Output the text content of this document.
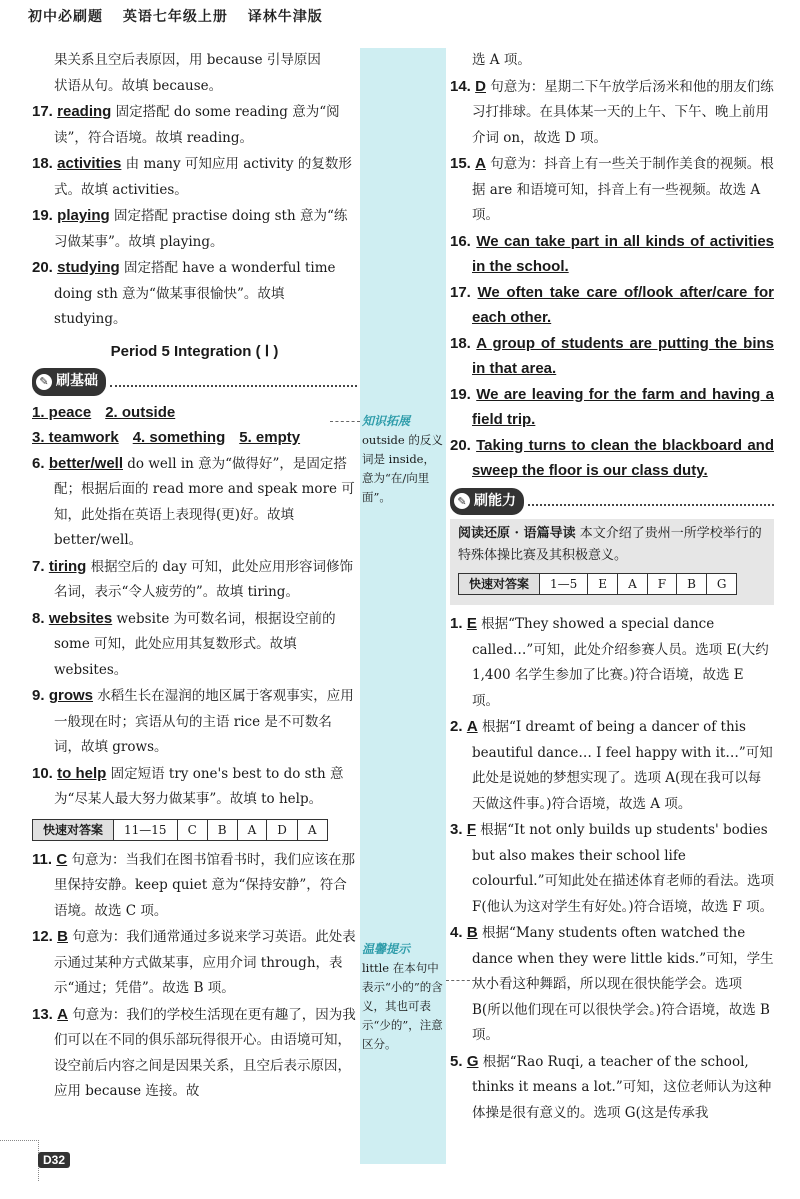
初中必刷题 英语七年级上册 译林牛津版

果关系且空后表原因，用 because 引导原因

状语从句。故填 because。

17. reading 固定搭配 do some reading 意为“阅读”，符合语境。故填 reading。

18. activities 由 many 可知应用 activity 的复数形式。故填 activities。

19. playing 固定搭配 practise doing sth 意为“练习做某事”。故填 playing。

20. studying 固定搭配 have a wonderful time doing sth 意为“做某事很愉快”。故填 studying。

Period 5 Integration ( Ⅰ )
✎ 刷基础
1. peace 2. outside
3. teamwork 4. something 5. empty

6. better/well do well in 意为“做得好”，是固定搭配；根据后面的 read more and speak more 可知，此处指在英语上表现得(更)好。故填 better/well。

7. tiring 根据空后的 day 可知，此处应用形容词修饰名词，表示“令人疲劳的”。故填 tiring。

8. websites website 为可数名词，根据设空前的 some 可知，此处应用其复数形式。故填 websites。

9. grows 水稻生长在湿润的地区属于客观事实，应用一般现在时；宾语从句的主语 rice 是不可数名词，故填 grows。

10. to help 固定短语 try one's best to do sth 意为“尽某人最大努力做某事”。故填 to help。

快速对答案	11—15	C	B	A	D	A

11. C 句意为：当我们在图书馆看书时，我们应该在那里保持安静。keep quiet 意为“保持安静”，符合语境。故选 C 项。

12. B 句意为：我们通常通过多说来学习英语。此处表示通过某种方式做某事，应用介词 through，表示“通过；凭借”。故选 B 项。

13. A 句意为：我们的学校生活现在更有趣了，因为我们可以在不同的俱乐部玩得很开心。由语境可知，设空前后内容之间是因果关系，且空后表示原因，应用 because 连接。故

知识拓展
outside 的反义词是 inside，意为“在/向里面”。
温馨提示
little 在本句中表示“小的”的含义，其也可表示“少的”，注意区分。

选 A 项。

14. D 句意为：星期二下午放学后汤米和他的朋友们练习打排球。在具体某一天的上午、下午、晚上前用介词 on，故选 D 项。

15. A 句意为：抖音上有一些关于制作美食的视频。根据 are 和语境可知，抖音上有一些视频。故选 A 项。

16. We can take part in all kinds of activities in the school.

17. We often take care of/look after/care for each other.

18. A group of students are putting the bins in that area.

19. We are leaving for the farm and having a field trip.

20. Taking turns to clean the blackboard and sweep the floor is our class duty.

✎ 刷能力
阅读还原 · 语篇导读 本文介绍了贵州一所学校举行的特殊体操比赛及其积极意义。
快速对答案	1—5	E	A	F	B	G

1. E 根据“They showed a special dance called…”可知，此处介绍参赛人员。选项 E(大约 1,400 名学生参加了比赛。)符合语境，故选 E 项。

2. A 根据“I dreamt of being a dancer of this beautiful dance… I feel happy with it…”可知此处是说她的梦想实现了。选项 A(现在我可以每天做这件事。)符合语境，故选 A 项。

3. F 根据“It not only builds up students' bodies but also makes their school life colourful.”可知此处在描述体育老师的看法。选项 F(他认为这对学生有好处。)符合语境，故选 F 项。

4. B 根据“Many students often watched the dance when they were little kids.”可知，学生从小看这种舞蹈，所以现在很快能学会。选项 B(所以他们现在可以很快学会。)符合语境，故选 B 项。

5. G 根据“Rao Ruqi, a teacher of the school, thinks it means a lot.”可知，这位老师认为这种体操是很有意义的。选项 G(这是传承我

D32
